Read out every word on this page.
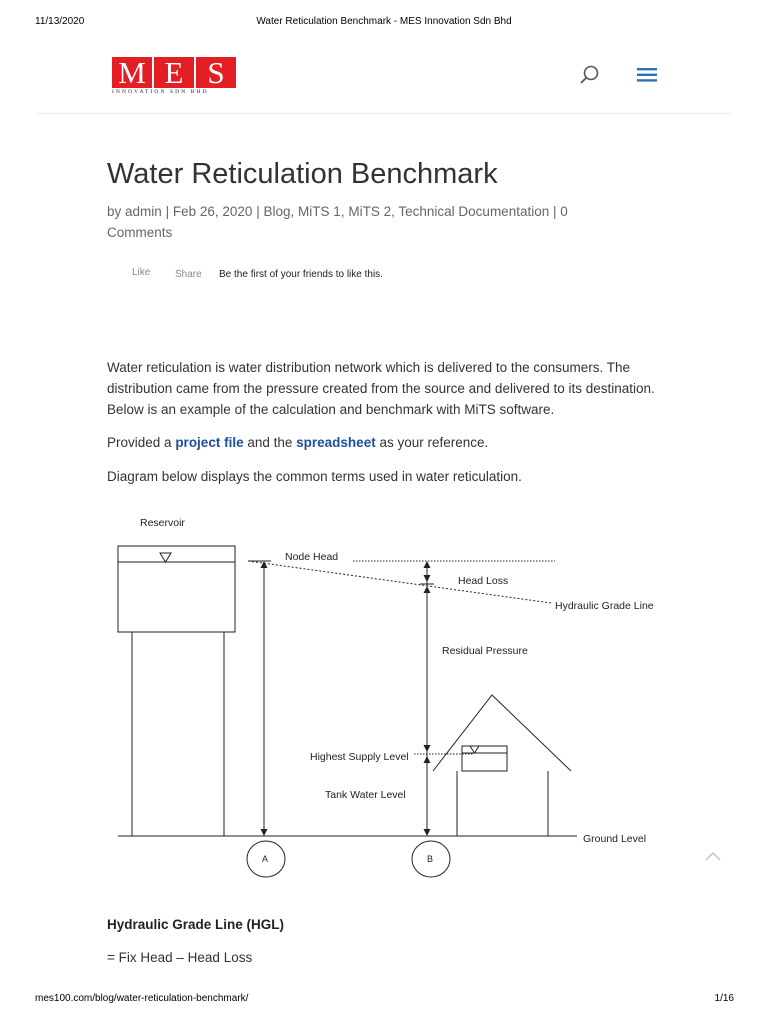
11/13/2020	Water Reticulation Benchmark - MES Innovation Sdn Bhd
M E S
INNOVATION SDN BHD
Water Reticulation Benchmark
by admin | Feb 26, 2020 | Blog, MiTS 1, MiTS 2, Technical Documentation | 0 Comments
Like Share Be the first of your friends to like this.

Water reticulation is water distribution network which is delivered to the consumers. The distribution came from the pressure created from the source and delivered to its destination. Below is an example of the calculation and benchmark with MiTS software.

Provided a project file and the spreadsheet as your reference.

Diagram below displays the common terms used in water reticulation.

Reservoir
Ground Level
Node Head
Hydraulic Grade Line
Head Loss
Residual Pressure
Highest Supply Level
Tank Water Level
A	B
Hydraulic Grade Line (HGL)
= Fix Head – Head Loss
mes100.com/blog/water-reticulation-benchmark/	1/16
